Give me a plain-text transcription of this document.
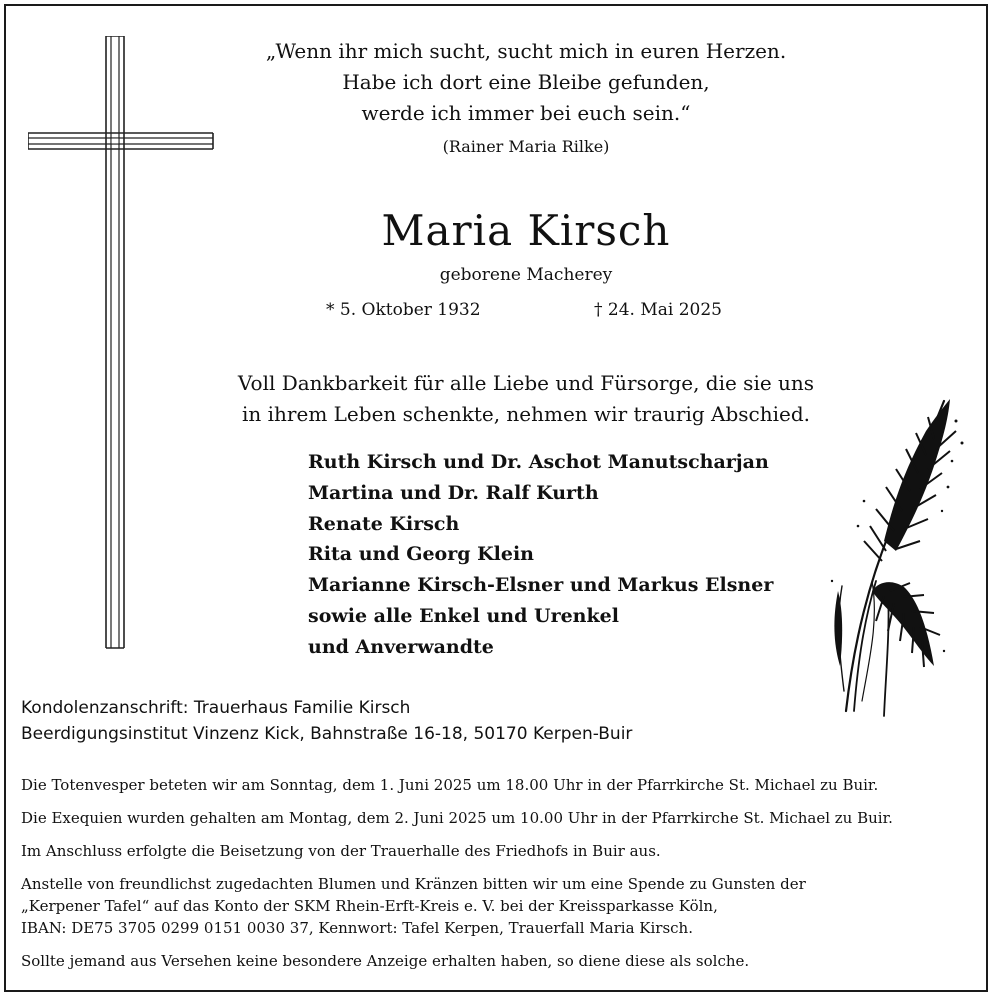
„Wenn ihr mich sucht, sucht mich in euren Herzen.
Habe ich dort eine Bleibe gefunden,
werde ich immer bei euch sein.“
(Rainer Maria Rilke)
Maria Kirsch
geborene Macherey
* 5. Oktober 1932	† 24. Mai 2025
Voll Dankbarkeit für alle Liebe und Fürsorge, die sie uns
in ihrem Leben schenkte, nehmen wir traurig Abschied.
Ruth Kirsch und Dr. Aschot Manutscharjan
Martina und Dr. Ralf Kurth
Renate Kirsch
Rita und Georg Klein
Marianne Kirsch-Elsner und Markus Elsner
sowie alle Enkel und Urenkel
und Anverwandte
Kondolenzanschrift: Trauerhaus Familie Kirsch
Beerdigungsinstitut Vinzenz Kick, Bahnstraße 16-18, 50170 Kerpen-Buir

Die Totenvesper beteten wir am Sonntag, dem 1. Juni 2025 um 18.00 Uhr in der Pfarrkirche St. Michael zu Buir.

Die Exequien wurden gehalten am Montag, dem 2. Juni 2025 um 10.00 Uhr in der Pfarrkirche St. Michael zu Buir.

Im Anschluss erfolgte die Beisetzung von der Trauerhalle des Friedhofs in Buir aus.

Anstelle von freundlichst zugedachten Blumen und Kränzen bitten wir um eine Spende zu Gunsten der

„Kerpener Tafel“ auf das Konto der SKM Rhein-Erft-Kreis e. V. bei der Kreissparkasse Köln,

IBAN: DE75 3705 0299 0151 0030 37, Kennwort: Tafel Kerpen, Trauerfall Maria Kirsch.

Sollte jemand aus Versehen keine besondere Anzeige erhalten haben, so diene diese als solche.
